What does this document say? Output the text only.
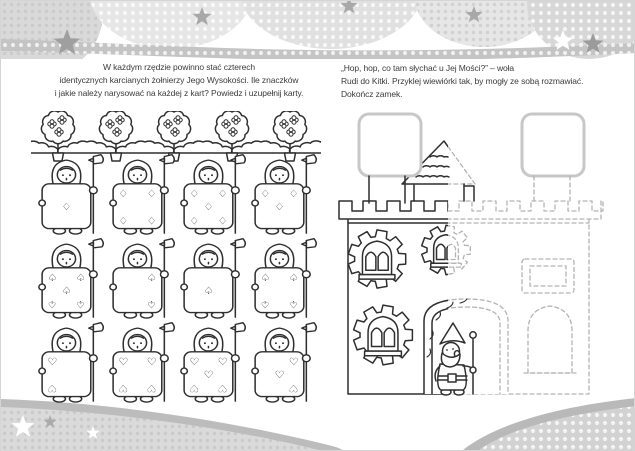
W każdym rzędzie powinno stać czterech
identycznych karcianych żołnierzy Jego Wysokości. Ile znaczków
i jakie należy narysować na każdej z kart? Powiedz i uzupełnij karty.
♢
♢ ♢
♢ ♢
♢ ♢
♢
♢ ♢
♢ ♢
♢
♤ ♤
♤
♤ ♤
♤
♤
♤
♤ ♤
♤ ♤
♡
♡
♡ ♡
♡ ♡
♡ ♡
♡
♡ ♡
♡
♡
♡
„Hop, hop, co tam słychać u Jej Mości?” – woła
Rudi do Kitki. Przyklej wiewiórki tak, by mogły ze sobą rozmawiać.
Dokończ zamek.
